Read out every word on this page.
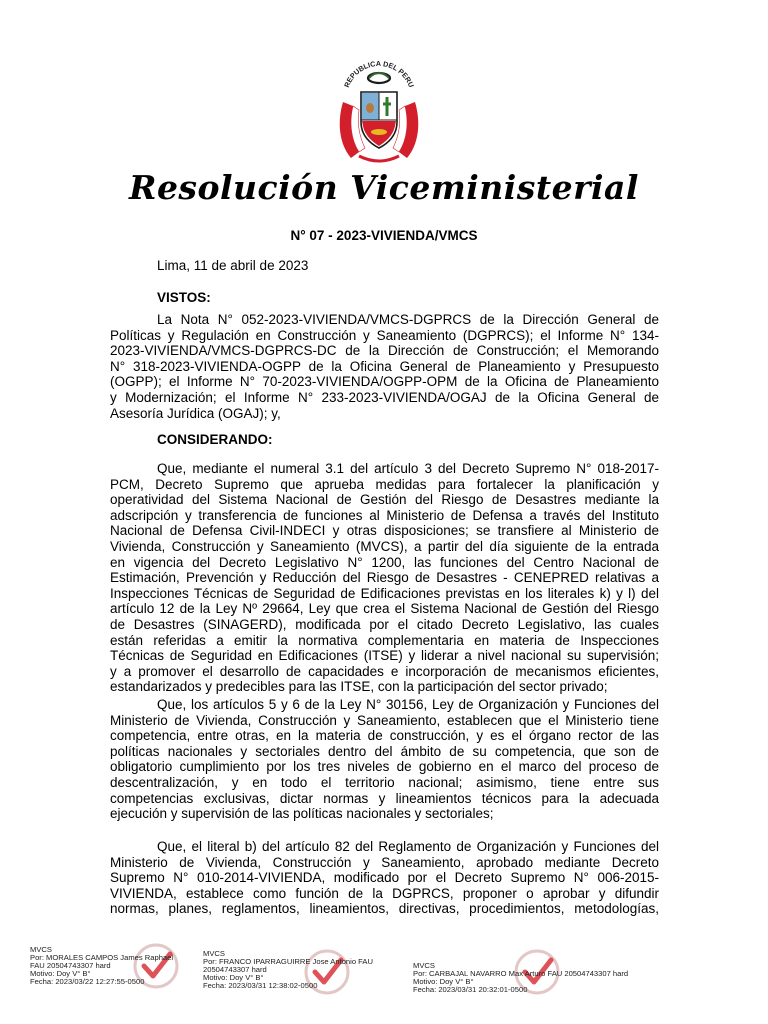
REPUBLICA DEL PERU
Resolución Viceministerial
N° 07 - 2023-VIVIENDA/VMCS
Lima, 11 de abril de 2023
VISTOS:
La Nota N° 052-2023-VIVIENDA/VMCS-DGPRCS de la Dirección General de
Políticas y Regulación en Construcción y Saneamiento (DGPRCS); el Informe N° 134-
2023-VIVIENDA/VMCS-DGPRCS-DC de la Dirección de Construcción; el Memorando
N° 318-2023-VIVIENDA-OGPP de la Oficina General de Planeamiento y Presupuesto
(OGPP); el Informe N° 70-2023-VIVIENDA/OGPP-OPM de la Oficina de Planeamiento
y Modernización; el Informe N° 233-2023-VIVIENDA/OGAJ de la Oficina General de
Asesoría Jurídica (OGAJ); y,
CONSIDERANDO:
Que, mediante el numeral 3.1 del artículo 3 del Decreto Supremo N° 018-2017-
PCM, Decreto Supremo que aprueba medidas para fortalecer la planificación y
operatividad del Sistema Nacional de Gestión del Riesgo de Desastres mediante la
adscripción y transferencia de funciones al Ministerio de Defensa a través del Instituto
Nacional de Defensa Civil-INDECI y otras disposiciones; se transfiere al Ministerio de
Vivienda, Construcción y Saneamiento (MVCS), a partir del día siguiente de la entrada
en vigencia del Decreto Legislativo N° 1200, las funciones del Centro Nacional de
Estimación, Prevención y Reducción del Riesgo de Desastres - CENEPRED relativas a
Inspecciones Técnicas de Seguridad de Edificaciones previstas en los literales k) y l) del
artículo 12 de la Ley Nº 29664, Ley que crea el Sistema Nacional de Gestión del Riesgo
de Desastres (SINAGERD), modificada por el citado Decreto Legislativo, las cuales
están referidas a emitir la normativa complementaria en materia de Inspecciones
Técnicas de Seguridad en Edificaciones (ITSE) y liderar a nivel nacional su supervisión;
y a promover el desarrollo de capacidades e incorporación de mecanismos eficientes,
estandarizados y predecibles para las ITSE, con la participación del sector privado;
Que, los artículos 5 y 6 de la Ley N° 30156, Ley de Organización y Funciones del
Ministerio de Vivienda, Construcción y Saneamiento, establecen que el Ministerio tiene
competencia, entre otras, en la materia de construcción, y es el órgano rector de las
políticas nacionales y sectoriales dentro del ámbito de su competencia, que son de
obligatorio cumplimiento por los tres niveles de gobierno en el marco del proceso de
descentralización, y en todo el territorio nacional; asimismo, tiene entre sus
competencias exclusivas, dictar normas y lineamientos técnicos para la adecuada
ejecución y supervisión de las políticas nacionales y sectoriales;
Que, el literal b) del artículo 82 del Reglamento de Organización y Funciones del
Ministerio de Vivienda, Construcción y Saneamiento, aprobado mediante Decreto
Supremo N° 010-2014-VIVIENDA, modificado por el Decreto Supremo N° 006-2015-
VIVIENDA, establece como función de la DGPRCS, proponer o aprobar y difundir
normas, planes, reglamentos, lineamientos, directivas, procedimientos, metodologías,
MVCS
Por: MORALES CAMPOS James Raphael
FAU 20504743307 hard
Motivo: Doy V° B°
Fecha: 2023/03/22 12:27:55-0500
MVCS
Por: FRANCO IPARRAGUIRRE Jose Antonio FAU
20504743307 hard
Motivo: Doy V° B°
Fecha: 2023/03/31 12:38:02-0500
MVCS
Por: CARBAJAL NAVARRO Max Arturo FAU 20504743307 hard
Motivo: Doy V° B°
Fecha: 2023/03/31 20:32:01-0500
